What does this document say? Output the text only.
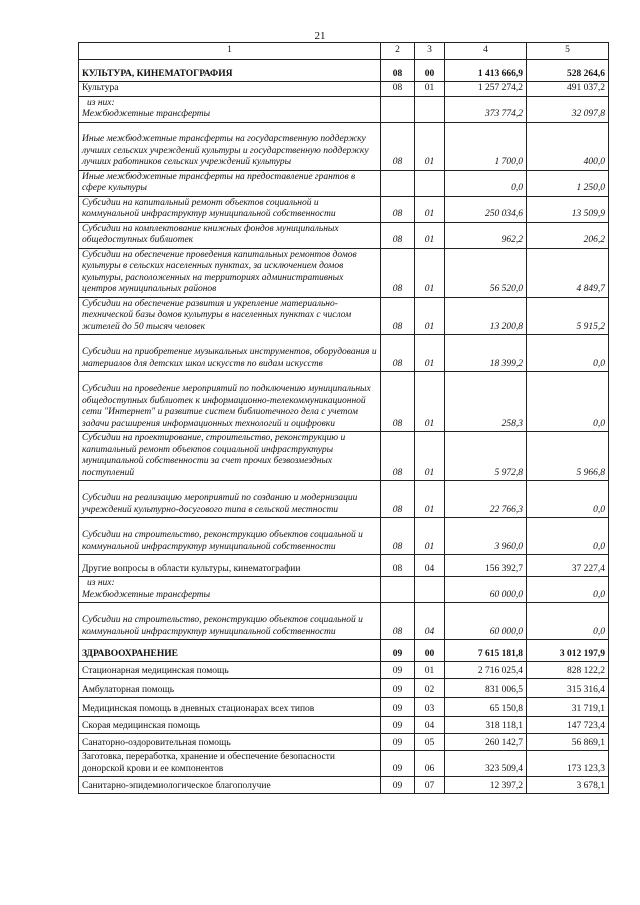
21
1	2	3	4	5
КУЛЬТУРА, КИНЕМАТОГРАФИЯ	08	00	1 413 666,9	528 264,6
Культура	08	01	1 257 274,2	491 037,2

из них:
Межбюджетные трансферты			373 774,2	32 097,8
Иные межбюджетные трансферты на государственную поддержку лучших сельских учреждений культуры и государственную поддержку лучших работников сельских учреждений культуры	08	01	1 700,0	400,0
Иные межбюджетные трансферты на предоставление грантов в сфере культуры			0,0	1 250,0
Субсидии на капитальный ремонт объектов социальной и коммунальной инфраструктур муниципальной собственности	08	01	250 034,6	13 509,9
Субсидии на комплектование книжных фондов муниципальных общедоступных библиотек	08	01	962,2	206,2
Субсидии на обеспечение проведения капитальных ремонтов домов культуры в сельских населенных пунктах, за исключением домов культуры, расположенных на территориях административных центров муниципальных районов	08	01	56 520,0	4 849,7
Субсидии на обеспечение развития и укрепление материально-технической базы домов культуры в населенных пунктах с числом жителей до 50 тысяч человек	08	01	13 200,8	5 915,2
Субсидии на приобретение музыкальных инструментов, оборудования и материалов для детских школ искусств по видам искусств	08	01	18 399,2	0,0
Субсидии на проведение мероприятий по подключению муниципальных общедоступных библиотек к информационно-телекоммуникационной сети "Интернет" и развитие систем библиотечного дела с учетом задачи расширения информационных технологий и оцифровки	08	01	258,3	0,0
Субсидии на проектирование, строительство, реконструкцию и капитальный ремонт объектов социальной инфраструктуры муниципальной собственности за счет прочих безвозмездных поступлений	08	01	5 972,8	5 966,8
Субсидии на реализацию мероприятий по созданию и модернизации учреждений культурно-досугового типа в сельской местности	08	01	22 766,3	0,0
Субсидии на строительство, реконструкцию объектов социальной и коммунальной инфраструктур муниципальной собственности	08	01	3 960,0	0,0
Другие вопросы в области культуры, кинематографии	08	04	156 392,7	37 227,4

из них:
Межбюджетные трансферты			60 000,0	0,0
Субсидии на строительство, реконструкцию объектов социальной и коммунальной инфраструктур муниципальной собственности	08	04	60 000,0	0,0
ЗДРАВООХРАНЕНИЕ	09	00	7 615 181,8	3 012 197,9
Стационарная медицинская помощь	09	01	2 716 025,4	828 122,2
Амбулаторная помощь	09	02	831 006,5	315 316,4
Медицинская помощь в дневных стационарах всех типов	09	03	65 150,8	31 719,1
Скорая медицинская помощь	09	04	318 118,1	147 723,4
Санаторно-оздоровительная помощь	09	05	260 142,7	56 869,1
Заготовка, переработка, хранение и обеспечение безопасности донорской крови и ее компонентов	09	06	323 509,4	173 123,3
Санитарно-эпидемиологическое благополучие	09	07	12 397,2	3 678,1
